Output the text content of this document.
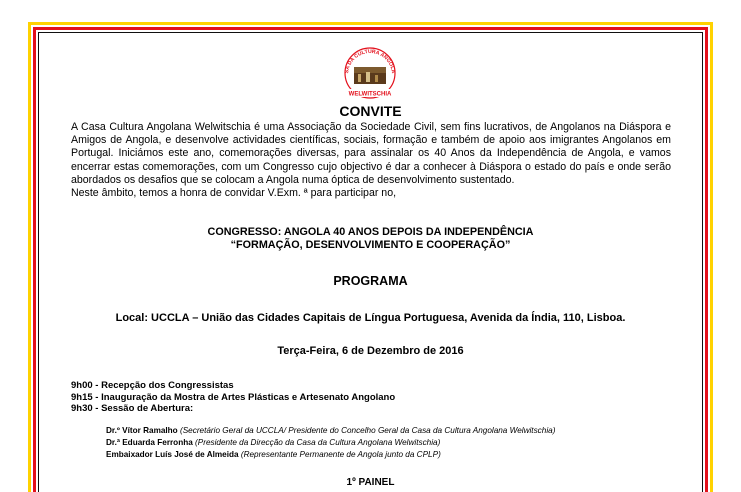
SA DA CULTURA ANGOLA
WELWITSCHIA
CONVITE

A Casa Cultura Angolana Welwitschia é uma Associação da Sociedade Civil, sem fins lucrativos, de Angolanos na Diáspora e Amigos de Angola, e desenvolve actividades científicas, sociais, formação e também de apoio aos imigrantes Angolanos em Portugal. Iniciámos este ano, comemorações diversas, para assinalar os 40 Anos da Independência de Angola, e vamos encerrar estas comemorações, com um Congresso cujo objectivo é dar a conhecer à Diáspora o estado do país e onde serão abordados os desafios que se colocam a Angola numa óptica de desenvolvimento sustentado.

Neste âmbito, temos a honra de convidar V.Exm. ª para participar no,

CONGRESSO: ANGOLA 40 ANOS DEPOIS DA INDEPENDÊNCIA
“FORMAÇÃO, DESENVOLVIMENTO E COOPERAÇÃO”
PROGRAMA
Local: UCCLA – União das Cidades Capitais de Língua Portuguesa, Avenida da Índia, 110, Lisboa.
Terça-Feira, 6 de Dezembro de 2016
9h00 - Recepção dos Congressistas
9h15 - Inauguração da Mostra de Artes Plásticas e Artesenato Angolano
9h30 - Sessão de Abertura:
Dr.º Vítor Ramalho (Secretário Geral da UCCLA/ Presidente do Concelho Geral da Casa da Cultura Angolana Welwitschia)
Dr.ª Eduarda Ferronha (Presidente da Direcção da Casa da Cultura Angolana Welwitschia)
Embaixador Luís José de Almeida (Representante Permanente de Angola junto da CPLP)
1º PAINEL
